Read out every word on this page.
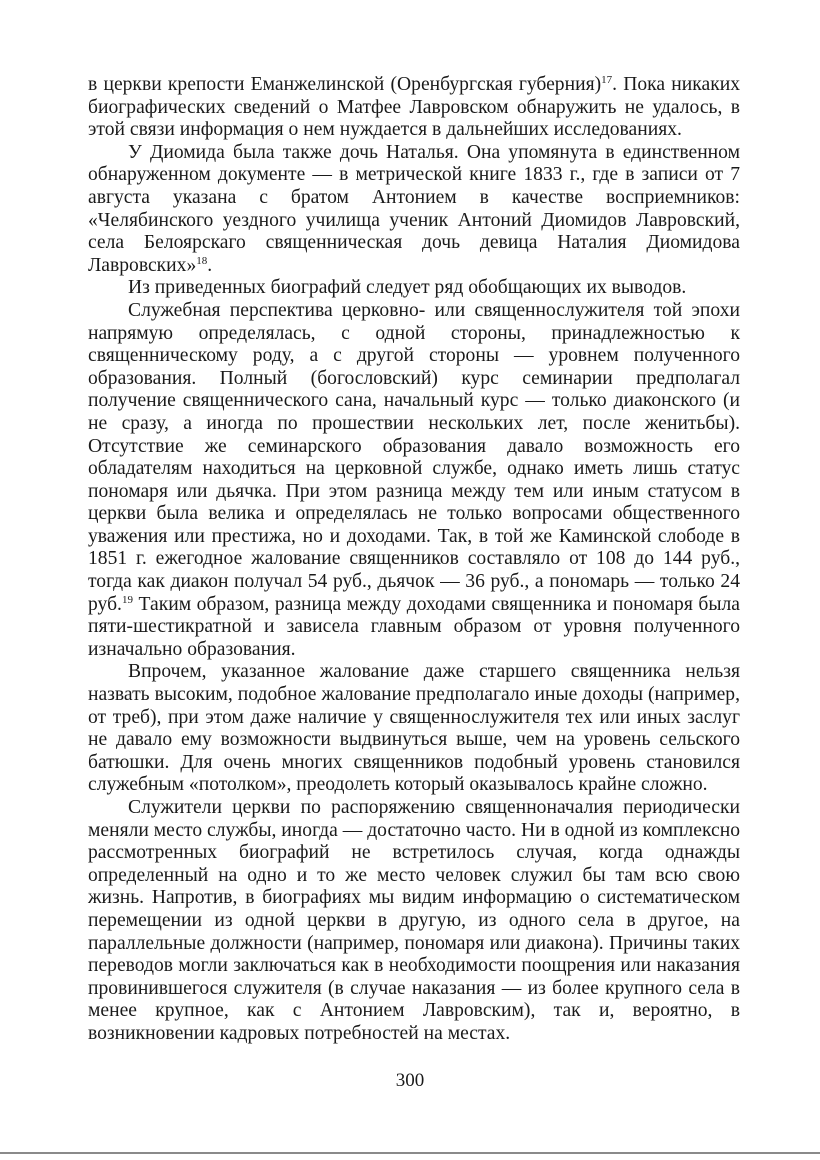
в церкви крепости Еманжелинской (Оренбургская губерния)$^{17}$. Пока никаких биографических сведений о Матфее Лавровском обнаружить не удалось, в этой связи информация о нем нуждается в дальнейших исследованиях.

У Диомида была также дочь Наталья. Она упомянута в единственном обнаруженном документе — в метрической книге 1833 г., где в записи от 7 августа указана с братом Антонием в качестве восприемников: «Челябинского уездного училища ученик Антоний Диомидов Лавровский, села Белоярскаго священническая дочь девица Наталия Диомидова Лавровских»$^{18}$.

Из приведенных биографий следует ряд обобщающих их выводов.

Служебная перспектива церковно- или священнослужителя той эпохи напрямую определялась, с одной стороны, принадлежностью к священническому роду, а с другой стороны — уровнем полученного образования. Полный (богословский) курс семинарии предполагал получение священнического сана, начальный курс — только диаконского (и не сразу, а иногда по прошествии нескольких лет, после женитьбы). Отсутствие же семинарского образования давало возможность его обладателям находиться на церковной службе, однако иметь лишь статус пономаря или дьячка. При этом разница между тем или иным статусом в церкви была велика и определялась не только вопросами общественного уважения или престижа, но и доходами. Так, в той же Каминской слободе в 1851 г. ежегодное жалование священников составляло от 108 до 144 руб., тогда как диакон получал 54 руб., дьячок — 36 руб., а пономарь — только 24 руб.$^{19}$ Таким образом, разница между доходами священника и пономаря была пяти-шестикратной и зависела главным образом от уровня полученного изначально образования.

Впрочем, указанное жалование даже старшего священника нельзя назвать высоким, подобное жалование предполагало иные доходы (например, от треб), при этом даже наличие у священнослужителя тех или иных заслуг не давало ему возможности выдвинуться выше, чем на уровень сельского батюшки. Для очень многих священников подобный уровень становился служебным «потолком», преодолеть который оказывалось крайне сложно.

Служители церкви по распоряжению священноначалия периодически меняли место службы, иногда — достаточно часто. Ни в одной из комплексно рассмотренных биографий не встретилось случая, когда однажды определенный на одно и то же место человек служил бы там всю свою жизнь. Напротив, в биографиях мы видим информацию о систематическом перемещении из одной церкви в другую, из одного села в другое, на параллельные должности (например, пономаря или диакона). Причины таких переводов могли заключаться как в необходимости поощрения или наказания провинившегося служителя (в случае наказания — из более крупного села в менее крупное, как с Антонием Лавровским), так и, вероятно, в возникновении кадровых потребностей на местах.

300
